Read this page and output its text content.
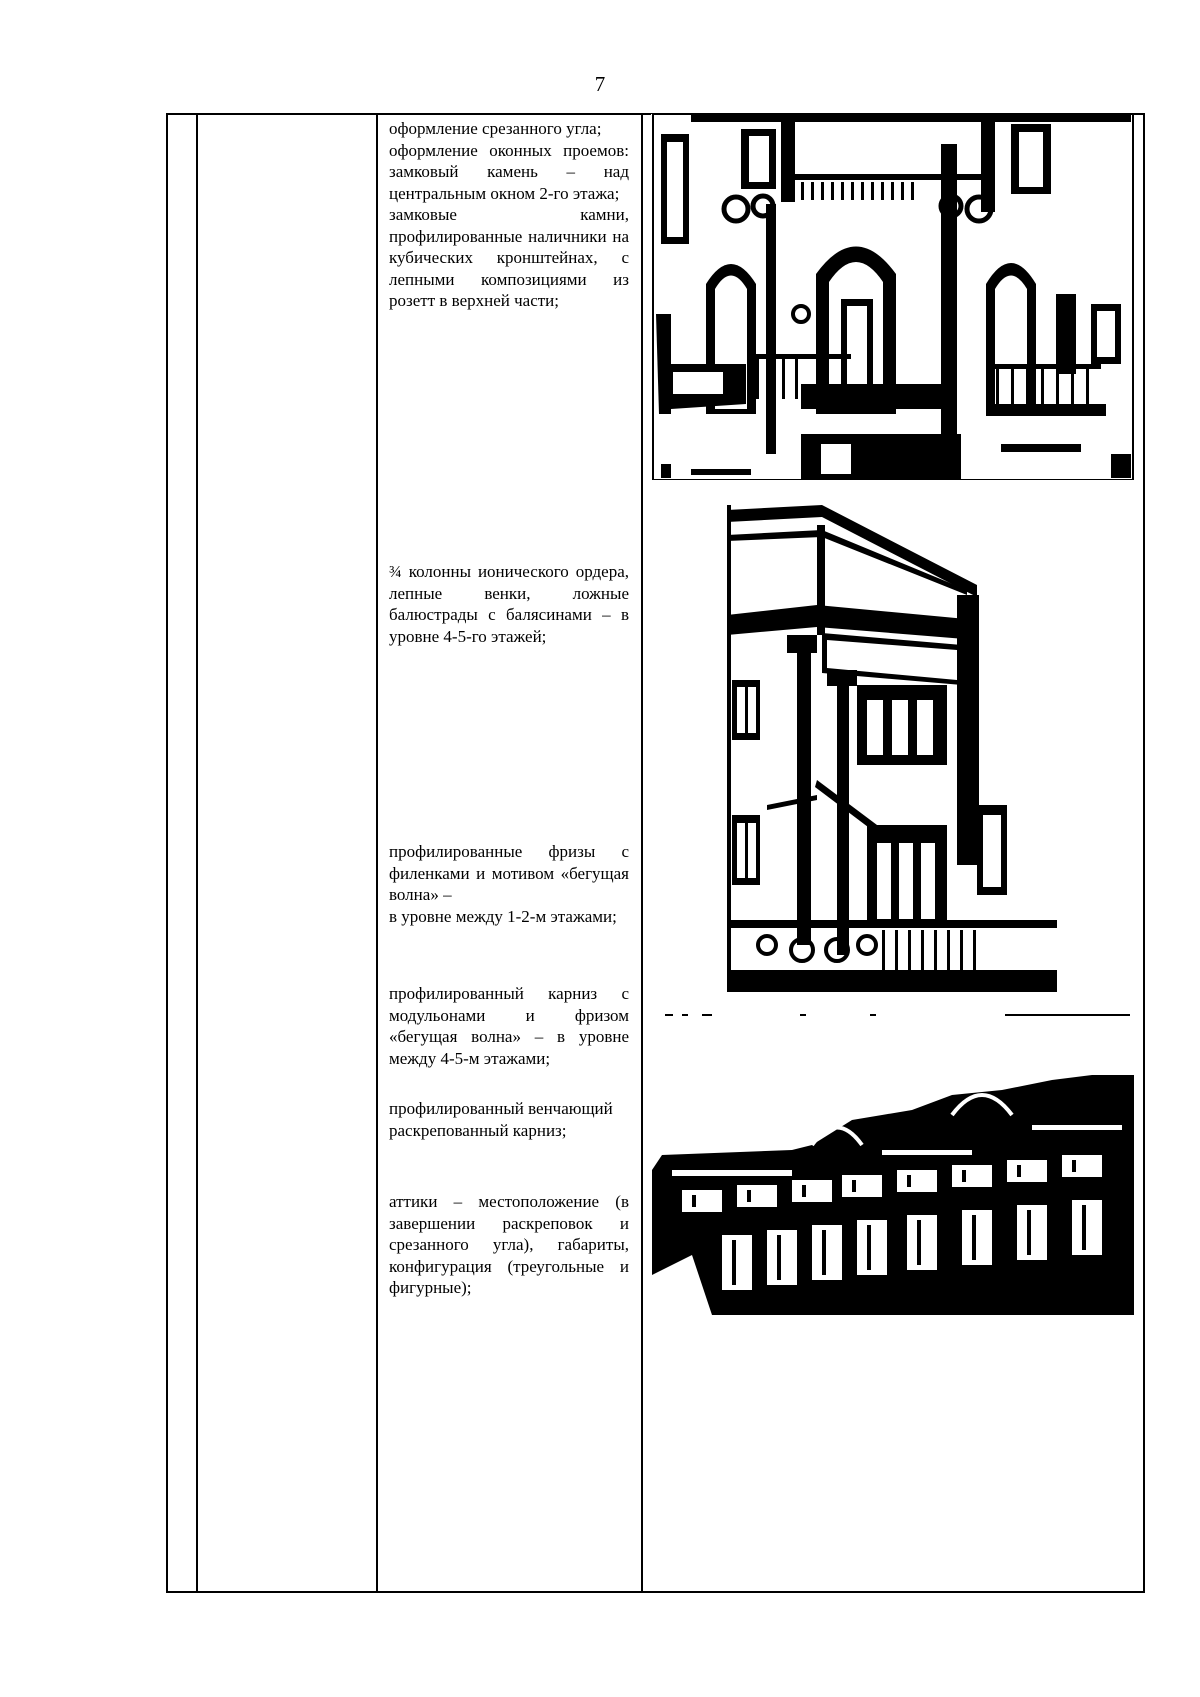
7

оформление срезанного угла;

оформление оконных проемов: замковый камень – над центральным окном 2-го этажа;

замковые камни, профилированные наличники на кубических кронштейнах, с лепными композициями из розетт в верхней части;

¾ колонны ионического ордера, лепные венки, ложные балюстрады с балясинами – в уровне 4-5-го этажей;

профилированные фризы с филенками и мотивом «бегущая волна» –

в уровне между 1-2-м этажами;

профилированный карниз с модульонами и фризом «бегущая волна» – в уровне между 4-5-м этажами;

профилированный венчающий раскрепованный карниз;

аттики – местоположение (в завершении раскреповок и срезанного угла), габариты, конфигурация (треугольные и фигурные);
